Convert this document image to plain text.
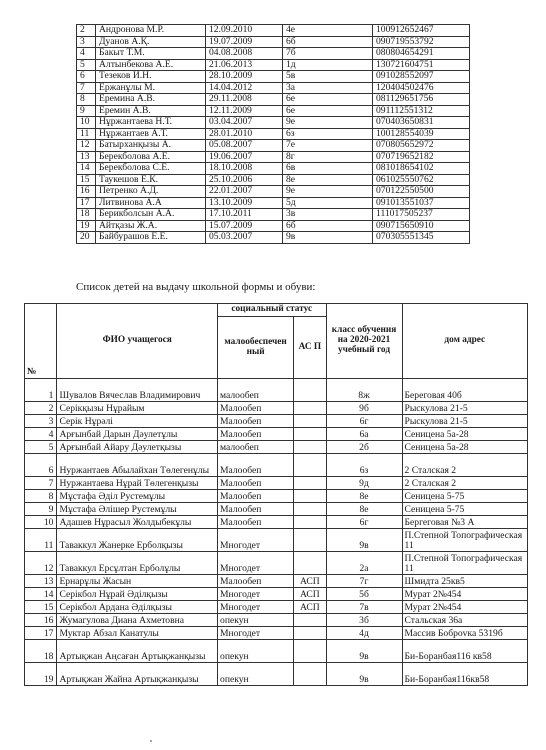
2	Андронова М.Р.	12.09.2010	4е	100912652467
3	Дуанов А.Қ.	19.07.2009	6б	090719553792
4	Бакыт Т.М.	04.08.2008	7б	080804654291
5	Алтынбекова А.Е.	21.06.2013	1д	130721604751
6	Тезеков И.Н.	28.10.2009	5в	091028552097
7	Ержанұлы М.	14.04.2012	3а	120404502476
8	Еремина А.В.	29.11.2008	6е	081129651756
9	Еремин А.В.	12.11.2009	6е	091112551312
10	Нұржантаева Н.Т.	03.04.2007	9е	070403650831
11	Нұржантаев А.Т.	28.01.2010	6з	100128554039
12	Батырханқызы А.	05.08.2007	7е	070805652972
13	Берекболова А.Е.	19.06.2007	8г	070719652182
14	Берекболова С.Е.	18.10.2008	6в	081018654102
15	Таукешов Е.К.	25.10.2006	8е	061025550762
16	Петренко А.Д.	22.01.2007	9е	070122550500
17	Литвинова А.А	13.10.2009	5д	091013551037
18	Берикболсын А.А.	17.10.2011	3в	111017505237
19	Айтқазы Ж.А.	15.07.2009	6б	090715650910
20	Байбурашов Е.Е.	05.03.2007	9в	070305551345
Список детей на выдачу школьной формы и обуви:
№	ФИО учащегося	социальный статус		класс обучения на 2020-2021 учебный год	дом адрес
		малообеспечен ный	АС П		
1	Шувалов Вячеслав Владимирович	малообеп		8ж	Береговая 40б
2	Серікқызы Нұрайым	Малообеп		9б	Рыскулова 21-5
3	Серік Нұрәлі	Малообеп		6г	Рыскулова 21-5
4	Арғынбай Дарын Дәулетұлы	Малообеп		6а	Сеницена 5а-28
5	Арғынбай Айару Дәулетқызы	малообеп		2б	Сеницена 5а-28
6	Нуржантаев Абылайхан Төлегенұлы	Малообеп		6з	2 Сталская 2
7	Нуржантаева Нұрай Төлегенқызы	Малообеп		9д	2 Сталская 2
8	Мұстафа Әділ Рустемұлы	Малообеп		8е	Сеницена 5-75
9	Мұстафа Әлішер Рустемұлы	Малообеп		8е	Сеницена 5-75
10	Адашев Нұрасыл Жолдыбекұлы	Малообеп		6г	Бергеговая №3 А
11	Таваккул Жанерке Ерболқызы	Многодет		9в	П.Степной Топографическая 11
12	Таваккул Ерсұлтан Ерболұлы	Многодет		2а	П.Степной Топографическая 11
13	Ернарұлы Жасын	Малообеп	АСП	7г	Шмидта 25кв5
14	Серікбол Нұрай Әділқызы	Многодет	АСП	5б	Мурат 2№454
15	Серікбол Ардана Әділқызы	Многодет	АСП	7в	Мурат 2№454
16	Жумагулова Диана Ахметовна	опекун		3б	Стальская 36а
17	Муктар Абзал Канатулы	Многодет		4д	Массив Боброvка 5319б
18	Артықжан Аңсаған Артықжанқызы	опекун		9в	Би-Боранбая116 кв58
19	Артықжан Жайна Артықжанқызы	опекун		9в	Би-Боранбая116кв58
